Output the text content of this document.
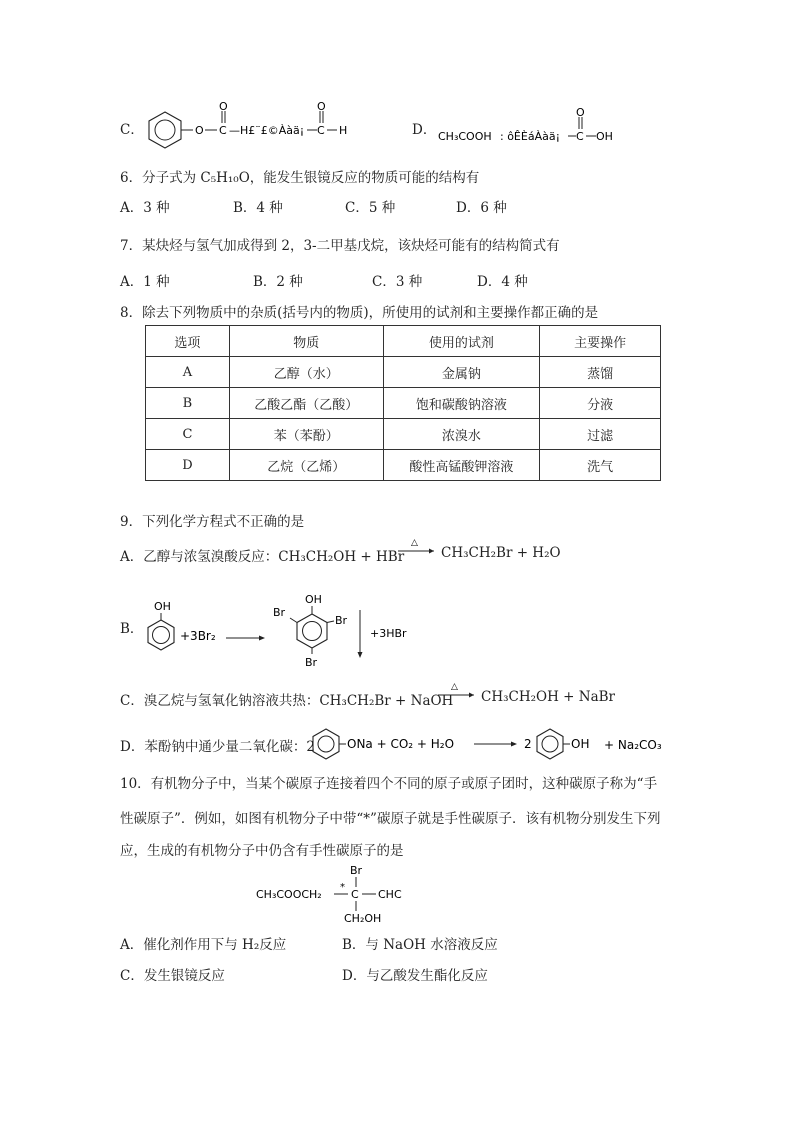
C．	O C
O
—H£¨£©Ààä¡ C
O
H	D． CH₃COOH : ôÊÈáÀàä¡ C
O
OH
6．分子式为 C₅H₁₀O，能发生银镜反应的物质可能的结构有
A．3 种	B．4 种	C．5 种	D．6 种
7．某炔烃与氢气加成得到 2，3-二甲基戊烷，该炔烃可能有的结构简式有
A．1 种	B．2 种	C．3 种	D．4 种
8．除去下列物质中的杂质(括号内的物质)，所使用的试剂和主要操作都正确的是
选项	物质	使用的试剂	主要操作
A	乙醇（水）	金属钠	蒸馏
B	乙酸乙酯（乙酸）	饱和碳酸钠溶液	分液
C	苯（苯酚）	浓溴水	过滤
D	乙烷（乙烯）	酸性高锰酸钾溶液	洗气
9．下列化学方程式不正确的是
A．乙醇与浓氢溴酸反应：CH₃CH₂OH + HBr
△
CH₃CH₂Br + H₂O
B．
OH
+3Br₂
OH
Br
Br
Br
+3HBr
C．溴乙烷与氢氧化钠溶液共热：CH₃CH₂Br + NaOH
△
CH₃CH₂OH + NaBr
D．苯酚钠中通少量二氧化碳：2	ONa + CO₂ + H₂O	2	OH + Na₂CO₃
10．有机物分子中，当某个碳原子连接着四个不同的原子或原子团时，这种碳原子称为“手
性碳原子”．例如，如图有机物分子中带“*”碳原子就是手性碳原子．该有机物分别发生下列
应，生成的有机物分子中仍含有手性碳原子的是
Br
CH₃COOCH₂
*
C CHC
CH₂OH
A．催化剂作用下与 H₂反应	B．与 NaOH 水溶液反应
C．发生银镜反应	D．与乙酸发生酯化反应
